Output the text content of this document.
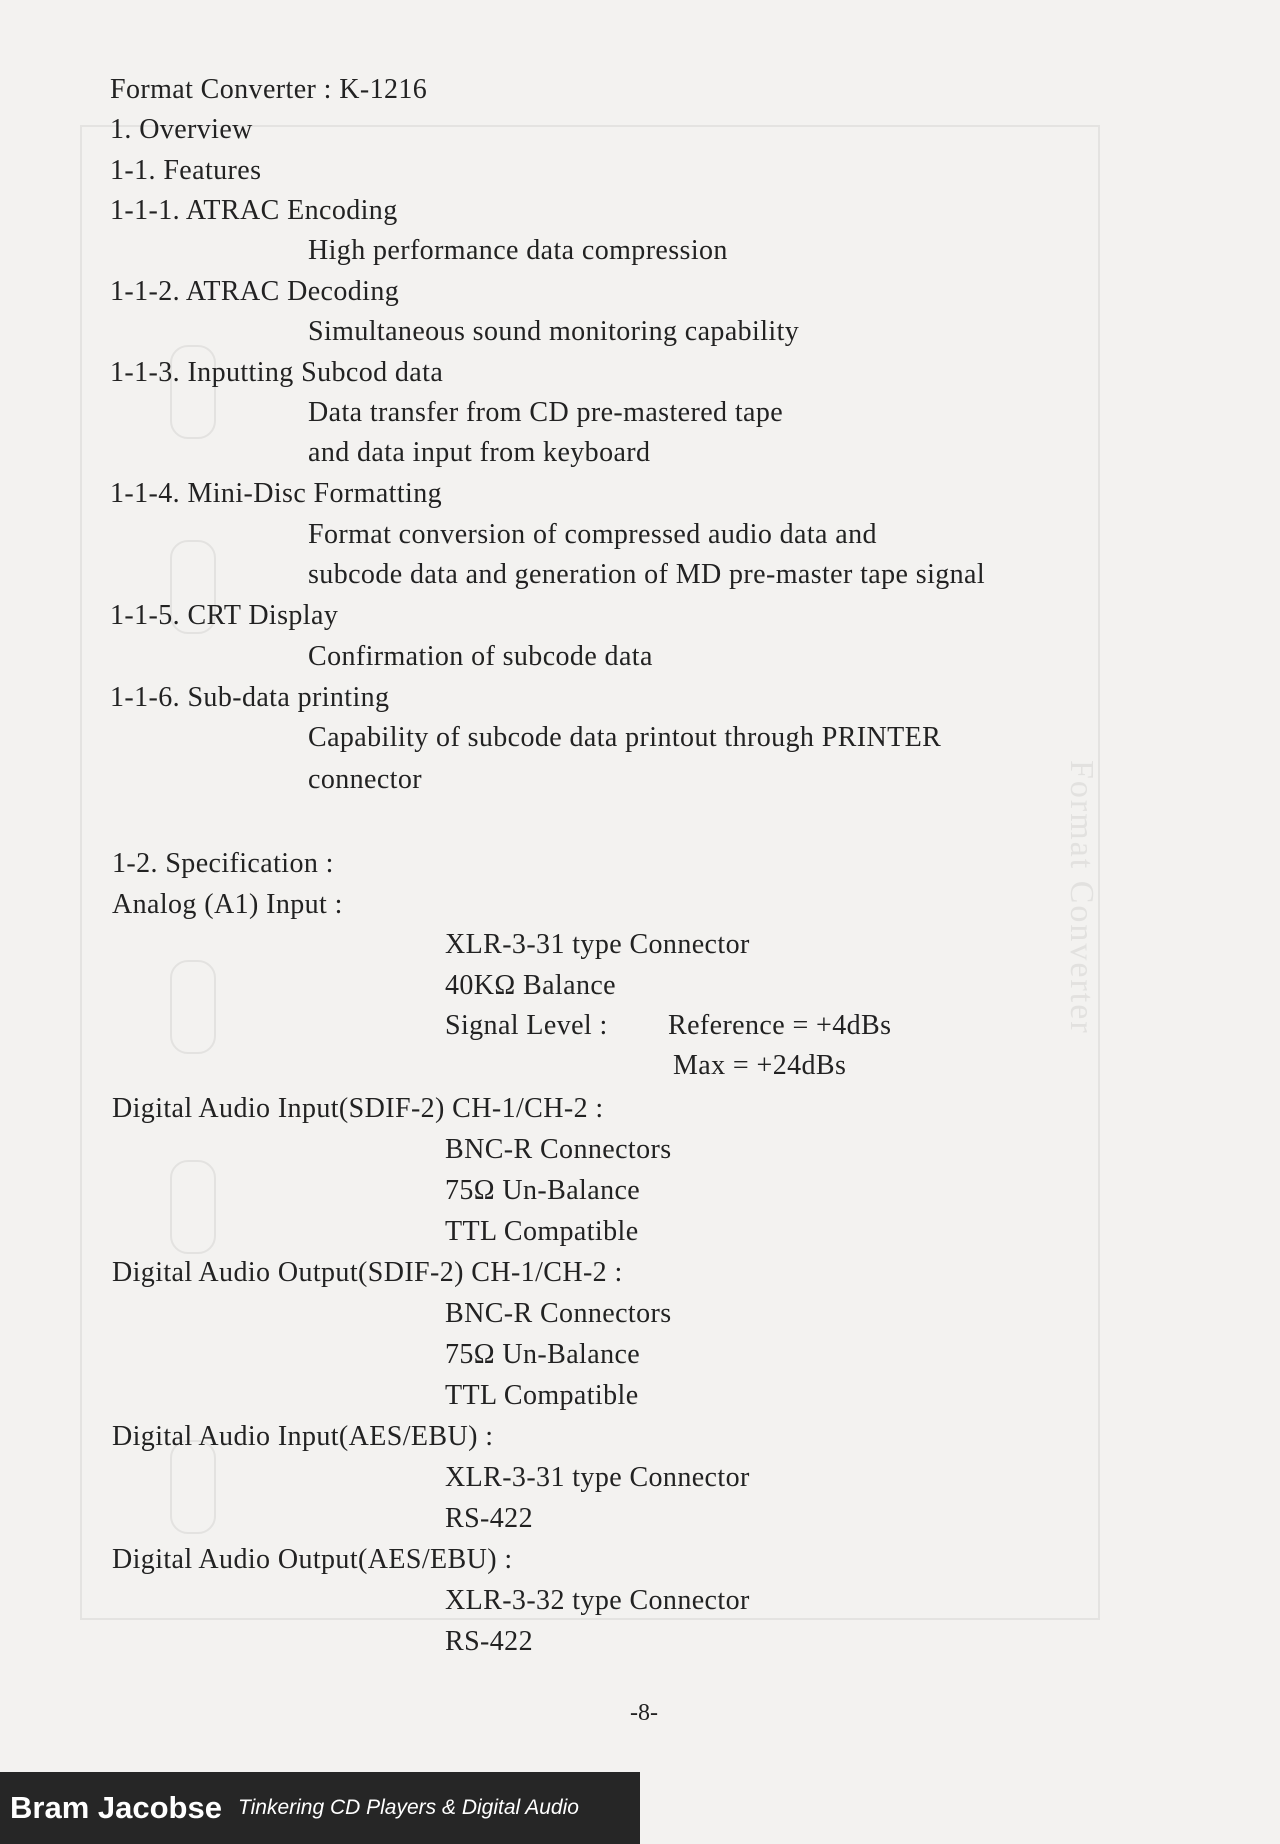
Format Converter
Format Converter : K-1216
1. Overview
1-1. Features
1-1-1. ATRAC Encoding
High performance data compression
1-1-2. ATRAC Decoding
Simultaneous sound monitoring capability
1-1-3. Inputting Subcod data
Data transfer from CD pre-mastered tape
and data input from keyboard
1-1-4. Mini-Disc Formatting
Format conversion of compressed audio data and
subcode data and generation of MD pre-master tape signal
1-1-5. CRT Display
Confirmation of subcode data
1-1-6. Sub-data printing
Capability of subcode data printout through PRINTER
connector
1-2. Specification :
Analog (A1) Input :
XLR-3-31 type Connector
40KΩ Balance
Signal Level : Reference = +4dBs
Max = +24dBs
Digital Audio Input(SDIF-2) CH-1/CH-2 :
BNC-R Connectors
75Ω Un-Balance
TTL Compatible
Digital Audio Output(SDIF-2) CH-1/CH-2 :
BNC-R Connectors
75Ω Un-Balance
TTL Compatible
Digital Audio Input(AES/EBU) :
XLR-3-31 type Connector
RS-422
Digital Audio Output(AES/EBU) :
XLR-3-32 type Connector
RS-422
-8-
Bram Jacobse Tinkering CD Players & Digital Audio
